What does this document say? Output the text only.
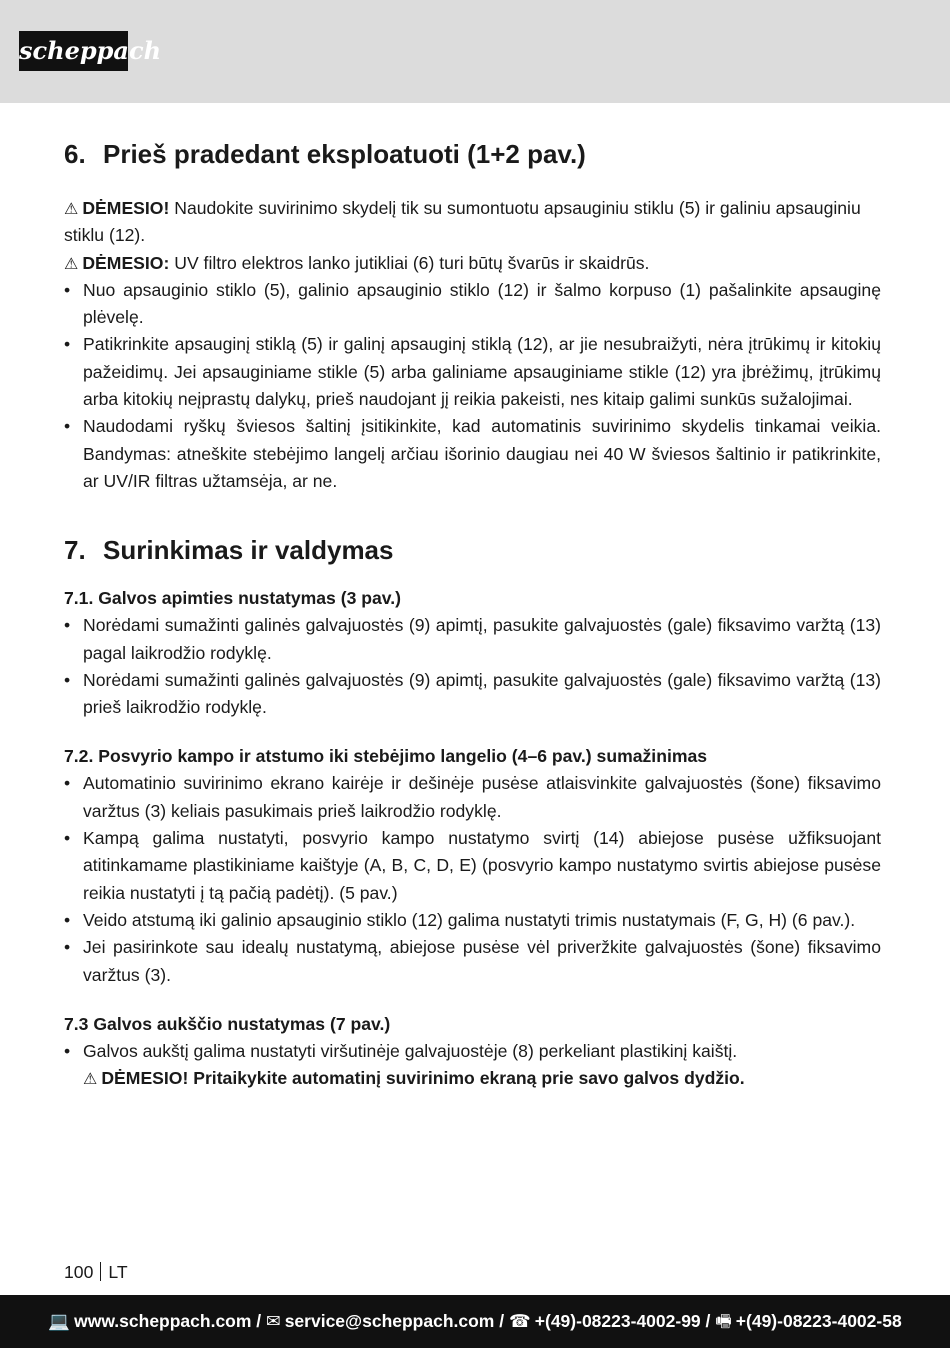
scheppach
6. Prieš pradedant eksploatuoti (1+2 pav.)

⚠ DĖMESIO! Naudokite suvirinimo skydelį tik su sumontuotu apsauginiu stiklu (5) ir galiniu apsauginiu stiklu (12).

⚠ DĖMESIO: UV filtro elektros lanko jutikliai (6) turi būtų švarūs ir skaidrūs.

• Nuo apsauginio stiklo (5), galinio apsauginio stiklo (12) ir šalmo korpuso (1) pašalinkite apsauginę plėvelę.
• Patikrinkite apsauginį stiklą (5) ir galinį apsauginį stiklą (12), ar jie nesubraižyti, nėra įtrūkimų ir kitokių pažeidimų. Jei apsauginiame stikle (5) arba galiniame apsauginiame stikle (12) yra įbrėžimų, įtrūkimų arba kitokių neįprastų dalykų, prieš naudojant jį reikia pakeisti, nes kitaip galimi sunkūs sužalojimai.
• Naudodami ryškų šviesos šaltinį įsitikinkite, kad automatinis suvirinimo skydelis tinkamai veikia. Bandymas: atneškite stebėjimo langelį arčiau išorinio daugiau nei 40 W šviesos šaltinio ir patikrinkite, ar UV/IR filtras užtamsėja, ar ne.
7. Surinkimas ir valdymas
7.1. Galvos apimties nustatymas (3 pav.)
• Norėdami sumažinti galinės galvajuostės (9) apimtį, pasukite galvajuostės (gale) fiksavimo varžtą (13) pagal laikrodžio rodyklę.
• Norėdami sumažinti galinės galvajuostės (9) apimtį, pasukite galvajuostės (gale) fiksavimo varžtą (13) prieš laikrodžio rodyklę.
7.2. Posvyrio kampo ir atstumo iki stebėjimo langelio (4–6 pav.) sumažinimas
• Automatinio suvirinimo ekrano kairėje ir dešinėje pusėse atlaisvinkite galvajuostės (šone) fiksavimo varžtus (3) keliais pasukimais prieš laikrodžio rodyklę.
• Kampą galima nustatyti, posvyrio kampo nustatymo svirtį (14) abiejose pusėse užfiksuojant atitinkamame plastikiniame kaištyje (A, B, C, D, E) (posvyrio kampo nustatymo svirtis abiejose pusėse reikia nustatyti į tą pačią padėtį). (5 pav.)
• Veido atstumą iki galinio apsauginio stiklo (12) galima nustatyti trimis nustatymais (F, G, H) (6 pav.).
• Jei pasirinkote sau idealų nustatymą, abiejose pusėse vėl priveržkite galvajuostės (šone) fiksavimo varžtus (3).
7.3 Galvos aukščio nustatymas (7 pav.)
• Galvos aukštį galima nustatyti viršutinėje galvajuostėje (8) perkeliant plastikinį kaištį.

⚠ DĖMESIO! Pritaikykite automatinį suvirinimo ekraną prie savo galvos dydžio.

100 LT
💻 www.scheppach.com / ✉ service@scheppach.com / ☎ +(49)-08223-4002-99 / 🖷 +(49)-08223-4002-58
